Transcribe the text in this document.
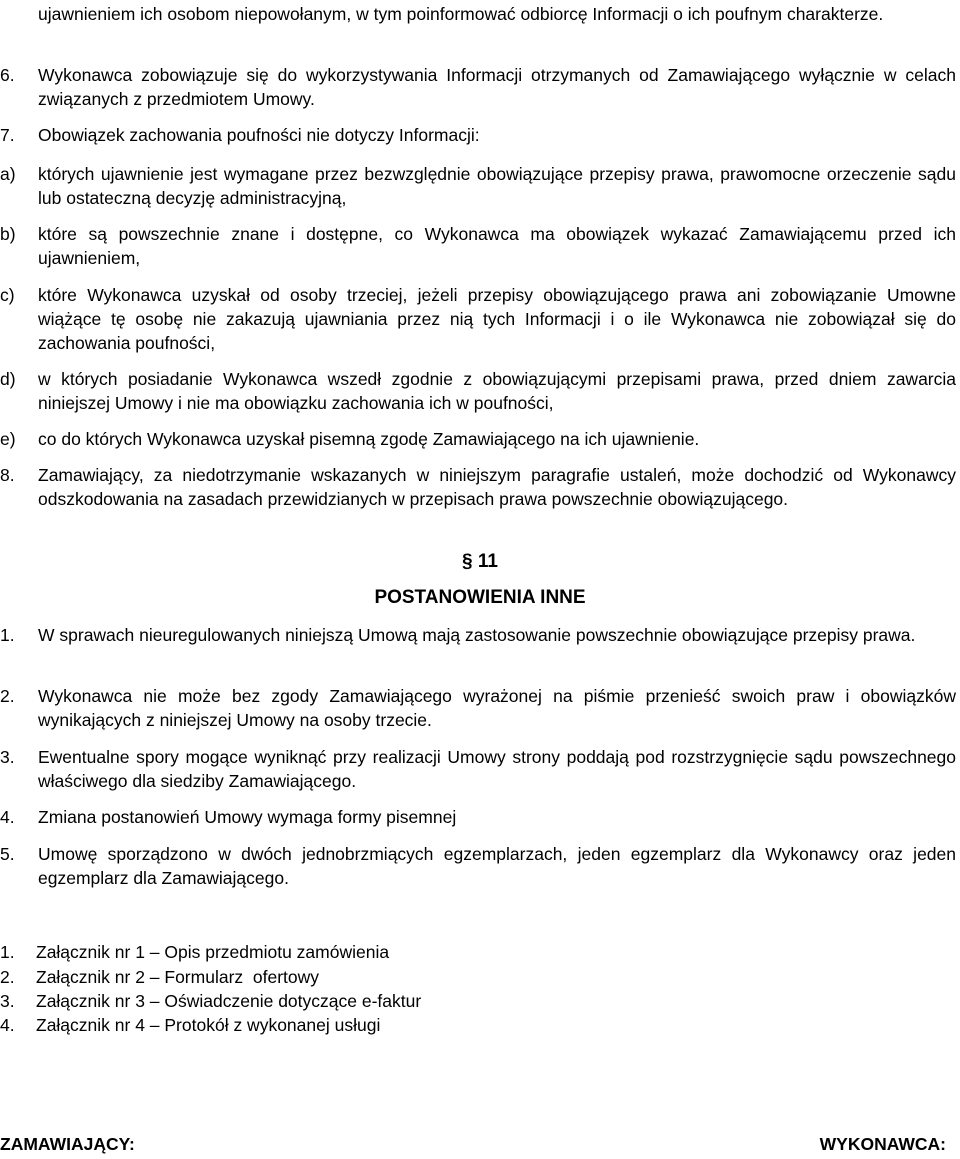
ujawnieniem ich osobom niepowołanym, w tym poinformować odbiorcę Informacji o ich poufnym charakterze.
6. Wykonawca zobowiązuje się do wykorzystywania Informacji otrzymanych od Zamawiającego wyłącznie w celach związanych z przedmiotem Umowy.
7. Obowiązek zachowania poufności nie dotyczy Informacji:
a) których ujawnienie jest wymagane przez bezwzględnie obowiązujące przepisy prawa, prawomocne orzeczenie sądu lub ostateczną decyzję administracyjną,
b) które są powszechnie znane i dostępne, co Wykonawca ma obowiązek wykazać Zamawiającemu przed ich ujawnieniem,
c) które Wykonawca uzyskał od osoby trzeciej, jeżeli przepisy obowiązującego prawa ani zobowiązanie Umowne wiążące tę osobę nie zakazują ujawniania przez nią tych Informacji i o ile Wykonawca nie zobowiązał się do zachowania poufności,
d) w których posiadanie Wykonawca wszedł zgodnie z obowiązującymi przepisami prawa, przed dniem zawarcia niniejszej Umowy i nie ma obowiązku zachowania ich w poufności,
e) co do których Wykonawca uzyskał pisemną zgodę Zamawiającego na ich ujawnienie.
8. Zamawiający, za niedotrzymanie wskazanych w niniejszym paragrafie ustaleń, może dochodzić od Wykonawcy odszkodowania na zasadach przewidzianych w przepisach prawa powszechnie obowiązującego.
§ 11
POSTANOWIENIA INNE
1. W sprawach nieuregulowanych niniejszą Umową mają zastosowanie powszechnie obowiązujące przepisy prawa.
2. Wykonawca nie może bez zgody Zamawiającego wyrażonej na piśmie przenieść swoich praw i obowiązków wynikających z niniejszej Umowy na osoby trzecie.
3. Ewentualne spory mogące wyniknąć przy realizacji Umowy strony poddają pod rozstrzygnięcie sądu powszechnego właściwego dla siedziby Zamawiającego.
4. Zmiana postanowień Umowy wymaga formy pisemnej
5. Umowę sporządzono w dwóch jednobrzmiących egzemplarzach, jeden egzemplarz dla Wykonawcy oraz jeden egzemplarz dla Zamawiającego.
1. Załącznik nr 1 – Opis przedmiotu zamówienia
2. Załącznik nr 2 – Formularz  ofertowy
3. Załącznik nr 3 – Oświadczenie dotyczące e-faktur
4. Załącznik nr 4 – Protokół z wykonanej usługi
ZAMAWIAJĄCY:	WYKONAWCA:
